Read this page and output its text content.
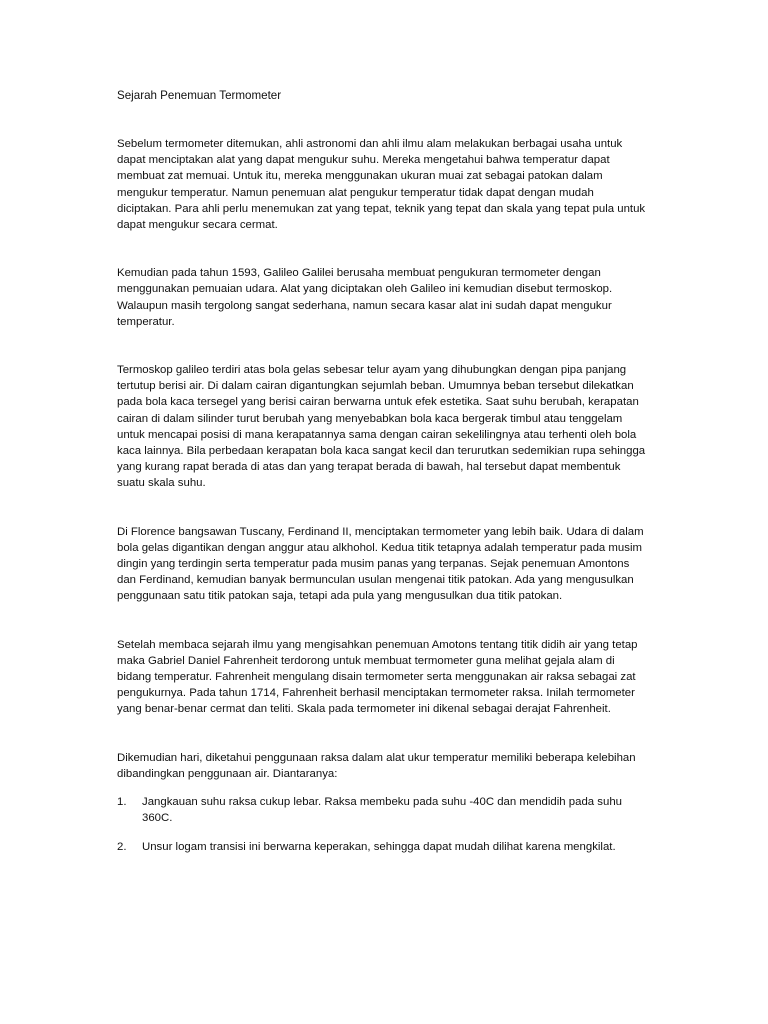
Sejarah Penemuan Termometer

Sebelum termometer ditemukan, ahli astronomi dan ahli ilmu alam melakukan berbagai usaha untuk dapat menciptakan alat yang dapat mengukur suhu. Mereka mengetahui bahwa temperatur dapat membuat zat memuai. Untuk itu, mereka menggunakan ukuran muai zat sebagai patokan dalam mengukur temperatur. Namun penemuan alat pengukur temperatur tidak dapat dengan mudah diciptakan. Para ahli perlu menemukan zat yang tepat, teknik yang tepat dan skala yang tepat pula untuk dapat mengukur secara cermat.

Kemudian pada tahun 1593, Galileo Galilei berusaha membuat pengukuran termometer dengan menggunakan pemuaian udara. Alat yang diciptakan oleh Galileo ini kemudian disebut termoskop. Walaupun masih tergolong sangat sederhana, namun secara kasar alat ini sudah dapat mengukur temperatur.

Termoskop galileo terdiri atas bola gelas sebesar telur ayam yang dihubungkan dengan pipa panjang tertutup berisi air. Di dalam cairan digantungkan sejumlah beban. Umumnya beban tersebut dilekatkan pada bola kaca tersegel yang berisi cairan berwarna untuk efek estetika. Saat suhu berubah, kerapatan cairan di dalam silinder turut berubah yang menyebabkan bola kaca bergerak timbul atau tenggelam untuk mencapai posisi di mana kerapatannya sama dengan cairan sekelilingnya atau terhenti oleh bola kaca lainnya. Bila perbedaan kerapatan bola kaca sangat kecil dan terurutkan sedemikian rupa sehingga yang kurang rapat berada di atas dan yang terapat berada di bawah, hal tersebut dapat membentuk suatu skala suhu.

Di Florence bangsawan Tuscany, Ferdinand II, menciptakan termometer yang lebih baik. Udara di dalam bola gelas digantikan dengan anggur atau alkhohol. Kedua titik tetapnya adalah temperatur pada musim dingin yang terdingin serta temperatur pada musim panas yang terpanas. Sejak penemuan Amontons dan Ferdinand, kemudian banyak bermunculan usulan mengenai titik patokan. Ada yang mengusulkan penggunaan satu titik patokan saja, tetapi ada pula yang mengusulkan dua titik patokan.

Setelah membaca sejarah ilmu yang mengisahkan penemuan Amotons tentang titik didih air yang tetap maka Gabriel Daniel Fahrenheit terdorong untuk membuat termometer guna melihat gejala alam di bidang temperatur. Fahrenheit mengulang disain termometer serta menggunakan air raksa sebagai zat pengukurnya. Pada tahun 1714, Fahrenheit berhasil menciptakan termometer raksa. Inilah termometer yang benar-benar cermat dan teliti. Skala pada termometer ini dikenal sebagai derajat Fahrenheit.

Dikemudian hari, diketahui penggunaan raksa dalam alat ukur temperatur memiliki beberapa kelebihan dibandingkan penggunaan air. Diantaranya:

1.	Jangkauan suhu raksa cukup lebar. Raksa membeku pada suhu -40C dan mendidih pada suhu 360C.
2.	Unsur logam transisi ini berwarna keperakan, sehingga dapat mudah dilihat karena mengkilat.
